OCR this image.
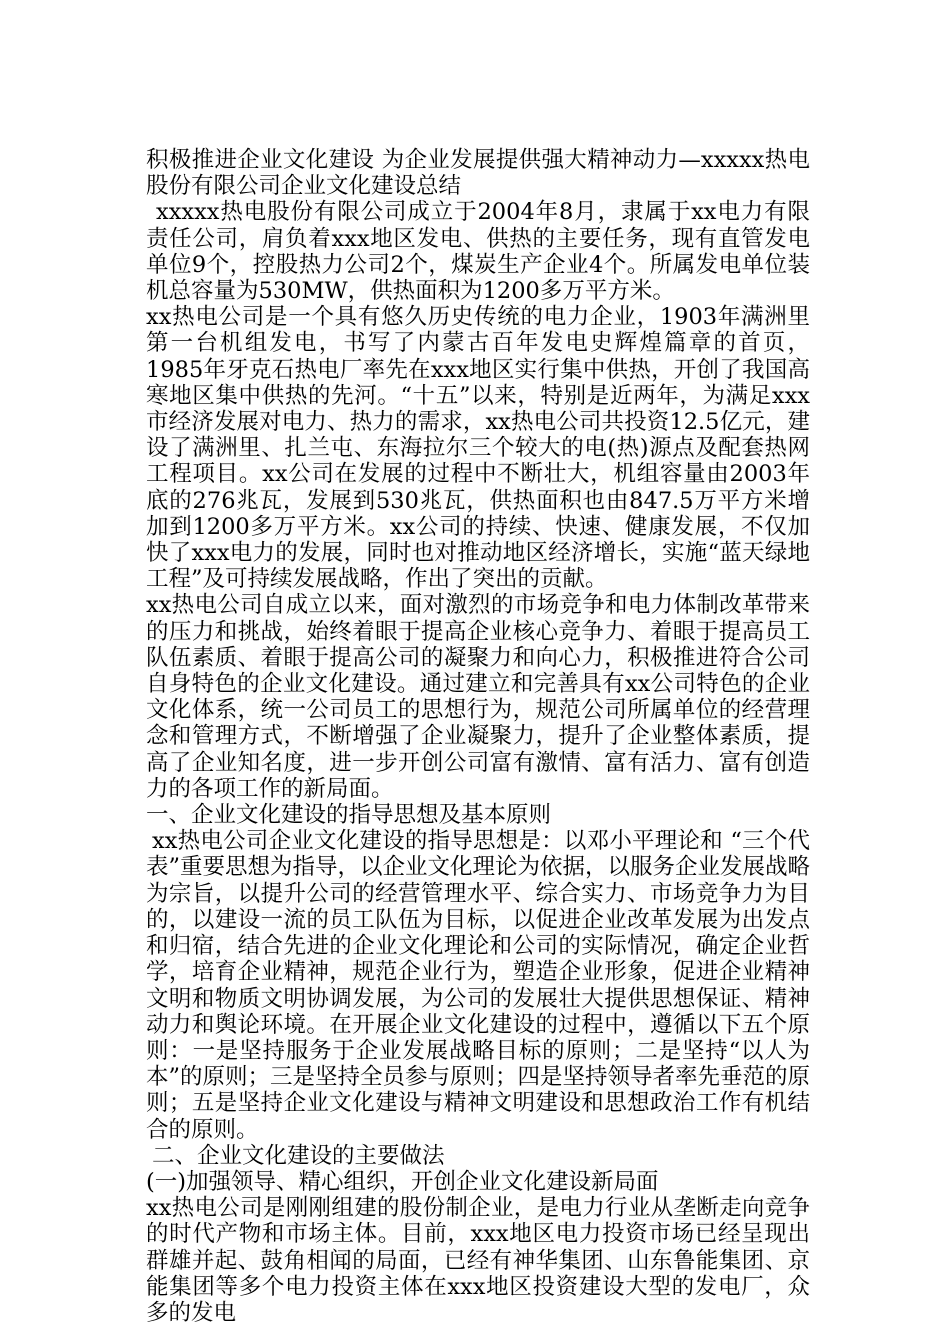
积极推进企业文化建设 为企业发展提供强大精神动力—xxxxx热电股份有限公司企业文化建设总结

xxxxx热电股份有限公司成立于2004年8月，隶属于xx电力有限责任公司，肩负着xxx地区发电、供热的主要任务，现有直管发电单位9个，控股热力公司2个，煤炭生产企业4个。所属发电单位装机总容量为530MW，供热面积为1200多万平方米。

xx热电公司是一个具有悠久历史传统的电力企业，1903年满洲里第一台机组发电，书写了内蒙古百年发电史辉煌篇章的首页，1985年牙克石热电厂率先在xxx地区实行集中供热，开创了我国高寒地区集中供热的先河。“十五”以来，特别是近两年，为满足xxx市经济发展对电力、热力的需求，xx热电公司共投资12.5亿元，建设了满洲里、扎兰屯、东海拉尔三个较大的电(热)源点及配套热网工程项目。xx公司在发展的过程中不断壮大，机组容量由2003年底的276兆瓦，发展到530兆瓦，供热面积也由847.5万平方米增加到1200多万平方米。xx公司的持续、快速、健康发展，不仅加快了xxx电力的发展，同时也对推动地区经济增长，实施“蓝天绿地工程”及可持续发展战略，作出了突出的贡献。

xx热电公司自成立以来，面对激烈的市场竞争和电力体制改革带来的压力和挑战，始终着眼于提高企业核心竞争力、着眼于提高员工队伍素质、着眼于提高公司的凝聚力和向心力，积极推进符合公司自身特色的企业文化建设。通过建立和完善具有xx公司特色的企业文化体系，统一公司员工的思想行为，规范公司所属单位的经营理念和管理方式，不断增强了企业凝聚力，提升了企业整体素质，提高了企业知名度，进一步开创公司富有激情、富有活力、富有创造力的各项工作的新局面。

一、企业文化建设的指导思想及基本原则

xx热电公司企业文化建设的指导思想是：以邓小平理论和 “三个代表”重要思想为指导，以企业文化理论为依据，以服务企业发展战略为宗旨，以提升公司的经营管理水平、综合实力、市场竞争力为目的，以建设一流的员工队伍为目标，以促进企业改革发展为出发点和归宿，结合先进的企业文化理论和公司的实际情况，确定企业哲学，培育企业精神，规范企业行为，塑造企业形象，促进企业精神文明和物质文明协调发展，为公司的发展壮大提供思想保证、精神动力和舆论环境。在开展企业文化建设的过程中，遵循以下五个原则：一是坚持服务于企业发展战略目标的原则；二是坚持“以人为本”的原则；三是坚持全员参与原则；四是坚持领导者率先垂范的原则；五是坚持企业文化建设与精神文明建设和思想政治工作有机结合的原则。

二、企业文化建设的主要做法

(一)加强领导、精心组织，开创企业文化建设新局面

xx热电公司是刚刚组建的股份制企业，是电力行业从垄断走向竞争的时代产物和市场主体。目前，xxx地区电力投资市场已经呈现出群雄并起、鼓角相闻的局面，已经有神华集团、山东鲁能集团、京能集团等多个电力投资主体在xxx地区投资建设大型的发电厂，众多的发电
